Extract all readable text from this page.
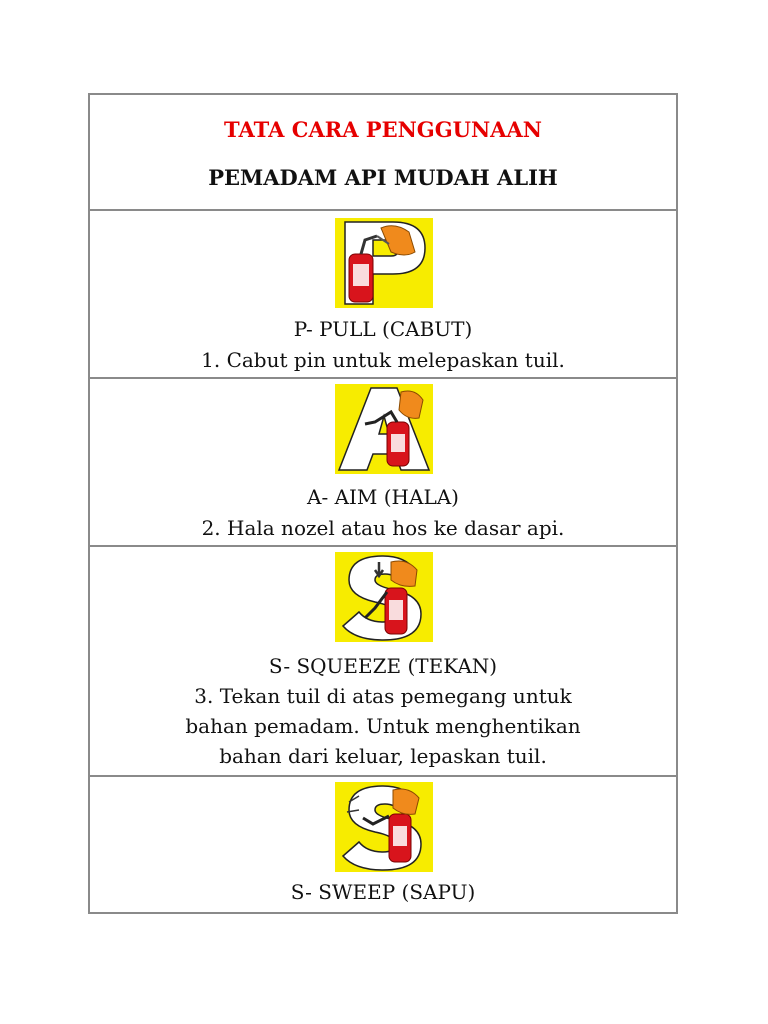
TATA CARA PENGGUNAAN
PEMADAM API MUDAH ALIH
P- PULL (CABUT)
1. Cabut pin untuk melepaskan tuil.
A- AIM (HALA)
2. Hala nozel atau hos ke dasar api.
S- SQUEEZE (TEKAN)
3. Tekan tuil di atas pemegang untuk
bahan pemadam. Untuk menghentikan
bahan dari keluar, lepaskan tuil.
S- SWEEP (SAPU)
